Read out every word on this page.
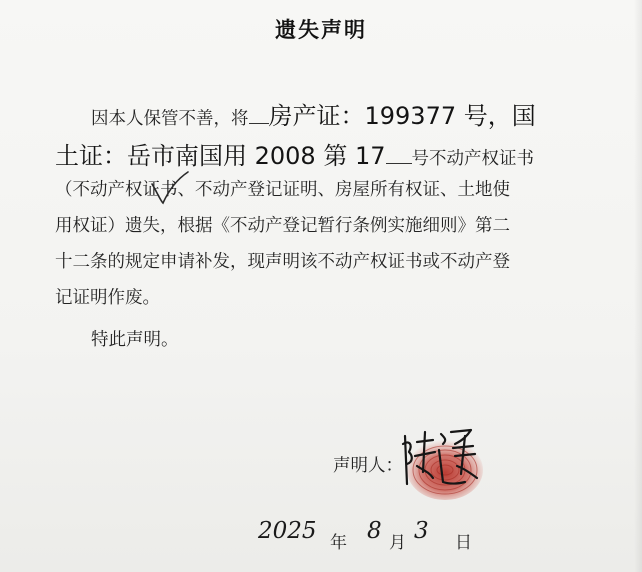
遗失声明
因本人保管不善，将 房产证：199377 号，国
土证：岳市南国用 2008 第 17 号不动产权证书
（不动产权证书、不动产登记证明、房屋所有权证、土地使
用权证）遗失，根据《不动产登记暂行条例实施细则》第二
十二条的规定申请补发，现声明该不动产权证书或不动产登
记证明作废。
特此声明。
声明人：
2025 年 8 月 3 日
